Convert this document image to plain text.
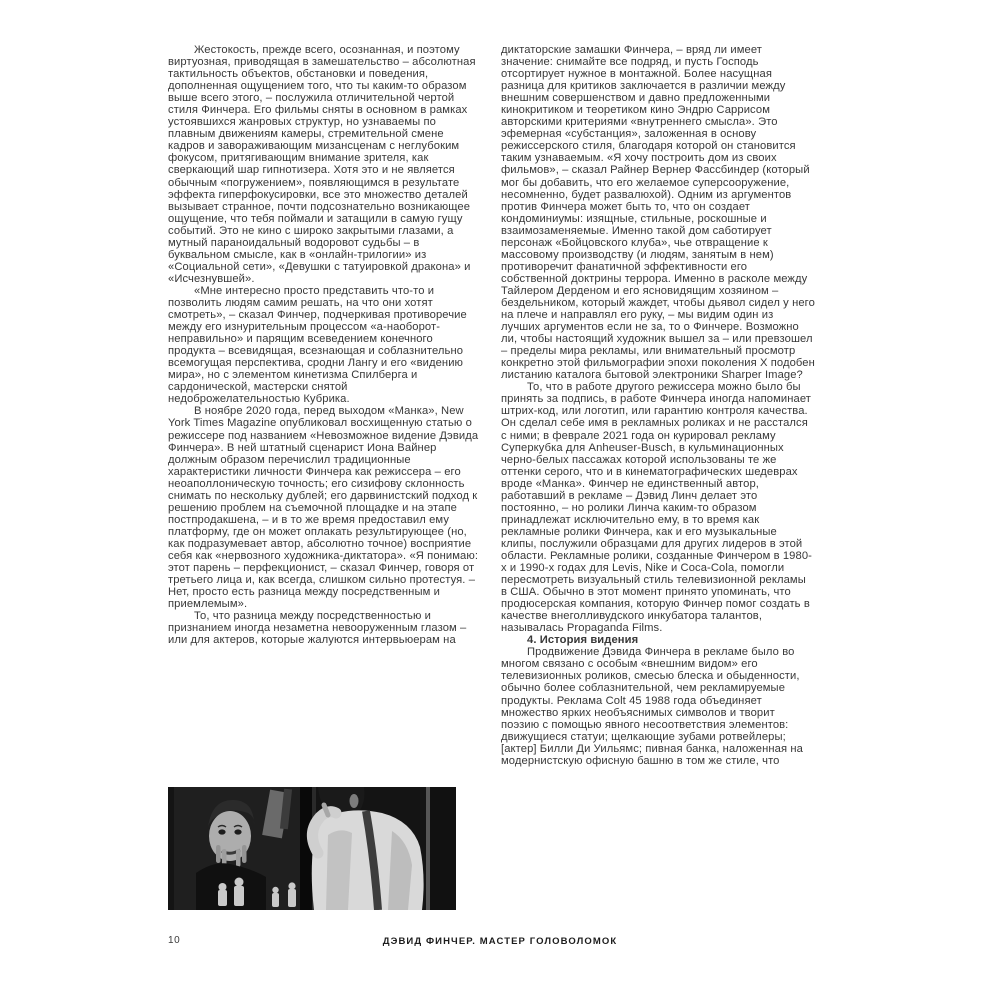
Жестокость, прежде всего, осознанная, и поэтому виртуозная, приводящая в замешательство – абсолютная тактильность объектов, обстановки и поведения, дополненная ощущением того, что ты каким-то образом выше всего этого, – послужила отличительной чертой стиля Финчера. Его фильмы сняты в основном в рамках устоявшихся жанровых структур, но узнаваемы по плавным движениям камеры, стремительной смене кадров и завораживающим мизансценам с неглубоким фокусом, притягивающим внимание зрителя, как сверкающий шар гипнотизера. Хотя это и не является обычным «погружением», появляющимся в результате эффекта гиперфокусировки, все это множество деталей вызывает странное, почти подсознательно возникающее ощущение, что тебя поймали и затащили в самую гущу событий. Это не кино с широко закрытыми глазами, а мутный параноидальный водоровот судьбы – в буквальном смысле, как в «онлайн-трилогии» из «Социальной сети», «Девушки с татуировкой дракона» и «Исчезнувшей».

«Мне интересно просто представить что-то и позволить людям самим решать, на что они хотят смотреть», – сказал Финчер, подчеркивая противоречие между его изнурительным процессом «а-наоборот-неправильно» и парящим всеведением конечного продукта – всевидящая, всезнающая и соблазнительно всемогущая перспектива, сродни Лангу и его «видению мира», но с элементом кинетизма Спилберга и сардонической, мастерски снятой недоброжелательностью Кубрика.

В ноябре 2020 года, перед выходом «Манка», New York Times Magazine опубликовал восхищенную статью о режиссере под названием «Невозможное видение Дэвида Финчера». В ней штатный сценарист Иона Вайнер должным образом перечислил традиционные характеристики личности Финчера как режиссера – его неоаполлоническую точность; его сизифову склонность снимать по нескольку дублей; его дарвинистский подход к решению проблем на съемочной площадке и на этапе постпродакшена, – и в то же время предоставил ему платформу, где он может оплакать результирующее (но, как подразумевает автор, абсолютно точное) восприятие себя как «нервозного художника-диктатора». «Я понимаю: этот парень – перфекционист, – сказал Финчер, говоря от третьего лица и, как всегда, слишком сильно протестуя. – Нет, просто есть разница между посредственным и приемлемым».

То, что разница между посредственностью и признанием иногда незаметна невооруженным глазом – или для актеров, которые жалуются интервьюерам на

диктаторские замашки Финчера, – вряд ли имеет значение: снимайте все подряд, и пусть Господь отсортирует нужное в монтажной. Более насущная разница для критиков заключается в различии между внешним совершенством и давно предложенными кинокритиком и теоретиком кино Эндрю Саррисом авторскими критериями «внутреннего смысла». Это эфемерная «субстанция», заложенная в основу режиссерского стиля, благодаря которой он становится таким узнаваемым. «Я хочу построить дом из своих фильмов», – сказал Райнер Вернер Фассбиндер (который мог бы добавить, что его желаемое суперсооружение, несомненно, будет развалюхой). Одним из аргументов против Финчера может быть то, что он создает кондоминиумы: изящные, стильные, роскошные и взаимозаменяемые. Именно такой дом саботирует персонаж «Бойцовского клуба», чье отвращение к массовому производству (и людям, занятым в нем) противоречит фанатичной эффективности его собственной доктрины террора. Именно в расколе между Тайлером Дерденом и его ясновидящим хозяином – бездельником, который жаждет, чтобы дьявол сидел у него на плече и направлял его руку, – мы видим один из лучших аргументов если не за, то о Финчере. Возможно ли, чтобы настоящий художник вышел за – или превзошел – пределы мира рекламы, или внимательный просмотр конкретно этой фильмографии эпохи поколения X подобен листанию каталога бытовой электроники Sharper Image?

То, что в работе другого режиссера можно было бы принять за подпись, в работе Финчера иногда напоминает штрих-код, или логотип, или гарантию контроля качества. Он сделал себе имя в рекламных роликах и не расстался с ними; в феврале 2021 года он курировал рекламу Суперкубка для Anheuser-Busch, в кульминационных черно-белых пассажах которой использованы те же оттенки серого, что и в кинематографических шедеврах вроде «Манка». Финчер не единственный автор, работавший в рекламе – Дэвид Линч делает это постоянно, – но ролики Линча каким-то образом принадлежат исключительно ему, в то время как рекламные ролики Финчера, как и его музыкальные клипы, послужили образцами для других лидеров в этой области. Рекламные ролики, созданные Финчером в 1980-х и 1990-х годах для Levis, Nike и Coca-Cola, помогли пересмотреть визуальный стиль телевизионной рекламы в США. Обычно в этот момент принято упоминать, что продюсерская компания, которую Финчер помог создать в качестве внеголливудского инкубатора талантов, называлась Propaganda Films.

4. История видения

Продвижение Дэвида Финчера в рекламе было во многом связано с особым «внешним видом» его телевизионных роликов, смесью блеска и обыденности, обычно более соблазнительной, чем рекламируемые продукты. Реклама Colt 45 1988 года объединяет множество ярких необъяснимых символов и творит поэзию с помощью явного несоответствия элементов: движущиеся статуи; щелкающие зубами ротвейлеры; [актер] Билли Ди Уильямс; пивная банка, наложенная на модернистскую офисную башню в том же стиле, что

10	ДЭВИД ФИНЧЕР. МАСТЕР ГОЛОВОЛОМОК
